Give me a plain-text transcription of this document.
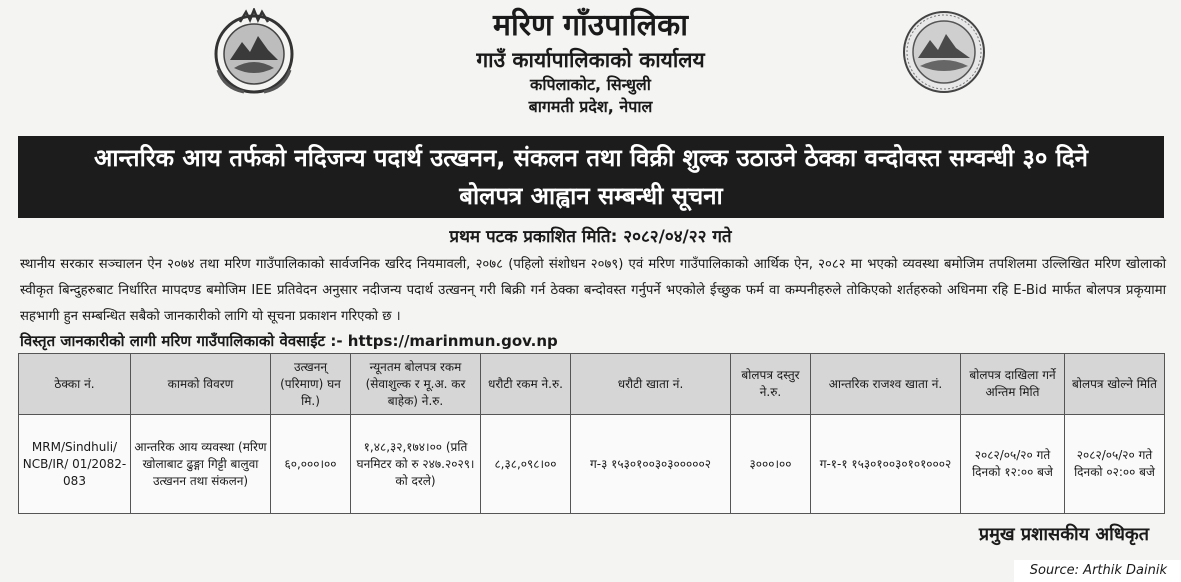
मरिण गाँउपालिका
गाउँ कार्यापालिकाको कार्यालय
कपिलाकोट, सिन्धुली
बागमती प्रदेश, नेपाल
आन्तरिक आय तर्फको नदिजन्य पदार्थ उत्खनन, संकलन तथा विक्री शुल्क उठाउने ठेक्का वन्दोवस्त सम्वन्धी ३० दिने
बोलपत्र आह्वान सम्बन्धी सूचना
प्रथम पटक प्रकाशित मिति: २०८२/०४/२२ गते
स्थानीय सरकार सञ्चालन ऐन २०७४ तथा मरिण गाउँपालिकाको सार्वजनिक खरिद नियमावली, २०७८ (पहिलो संशोधन २०७९) एवं मरिण गाउँपालिकाको आर्थिक ऐन, २०८२ मा भएको व्यवस्था बमोजिम तपशिलमा उल्लिखित मरिण खोलाको स्वीकृत बिन्दुहरुबाट निर्धारित मापदण्ड बमोजिम IEE प्रतिवेदन अनुसार नदीजन्य पदार्थ उत्खनन् गरी बिक्री गर्न ठेक्का बन्दोवस्त गर्नुपर्ने भएकोले ईच्छुक फर्म वा कम्पनीहरुले तोकिएको शर्तहरुको अधिनमा रहि E-Bid मार्फत बोलपत्र प्रकृयामा सहभागी हुन सम्बन्धित सबैको जानकारीको लागि यो सूचना प्रकाशन गरिएको छ ।
विस्तृत जानकारीको लागी मरिण गाउँपालिकाको वेवसाईट :- https://marinmun.gov.np
ठेक्का नं.	कामको विवरण	उत्खनन् (परिमाण) घन मि.)	न्यूनतम बोलपत्र रकम (सेवाशुल्क र मू.अ. कर बाहेक) ने.रु.	धरौटी रकम ने.रु.	धरौटी खाता नं.	बोलपत्र दस्तुर ने.रु.	आन्तरिक राजश्व खाता नं.	बोलपत्र दाखिला गर्ने अन्तिम मिति	बोलपत्र खोल्ने मिति
MRM/Sindhuli/ NCB/IR/ 01/2082-083	आन्तरिक आय व्यवस्था (मरिण खोलाबाट ढुङ्गा गिट्टी बालुवा उत्खनन तथा संकलन)	६०,०००।००	१,४८,३२,१७४।०० (प्रति घनमिटर को रु २४७.२०२९। को दरले)	८,३८,०९८।००	ग-३ १५३०१००३०३०००००२	३०००।००	ग-१-१ १५३०१००३०१०१०००२	२०८२/०५/२० गते दिनको १२:०० बजे	२०८२/०५/२० गते दिनको ०२:०० बजे
प्रमुख प्रशासकीय अधिकृत
Source: Arthik Dainik
